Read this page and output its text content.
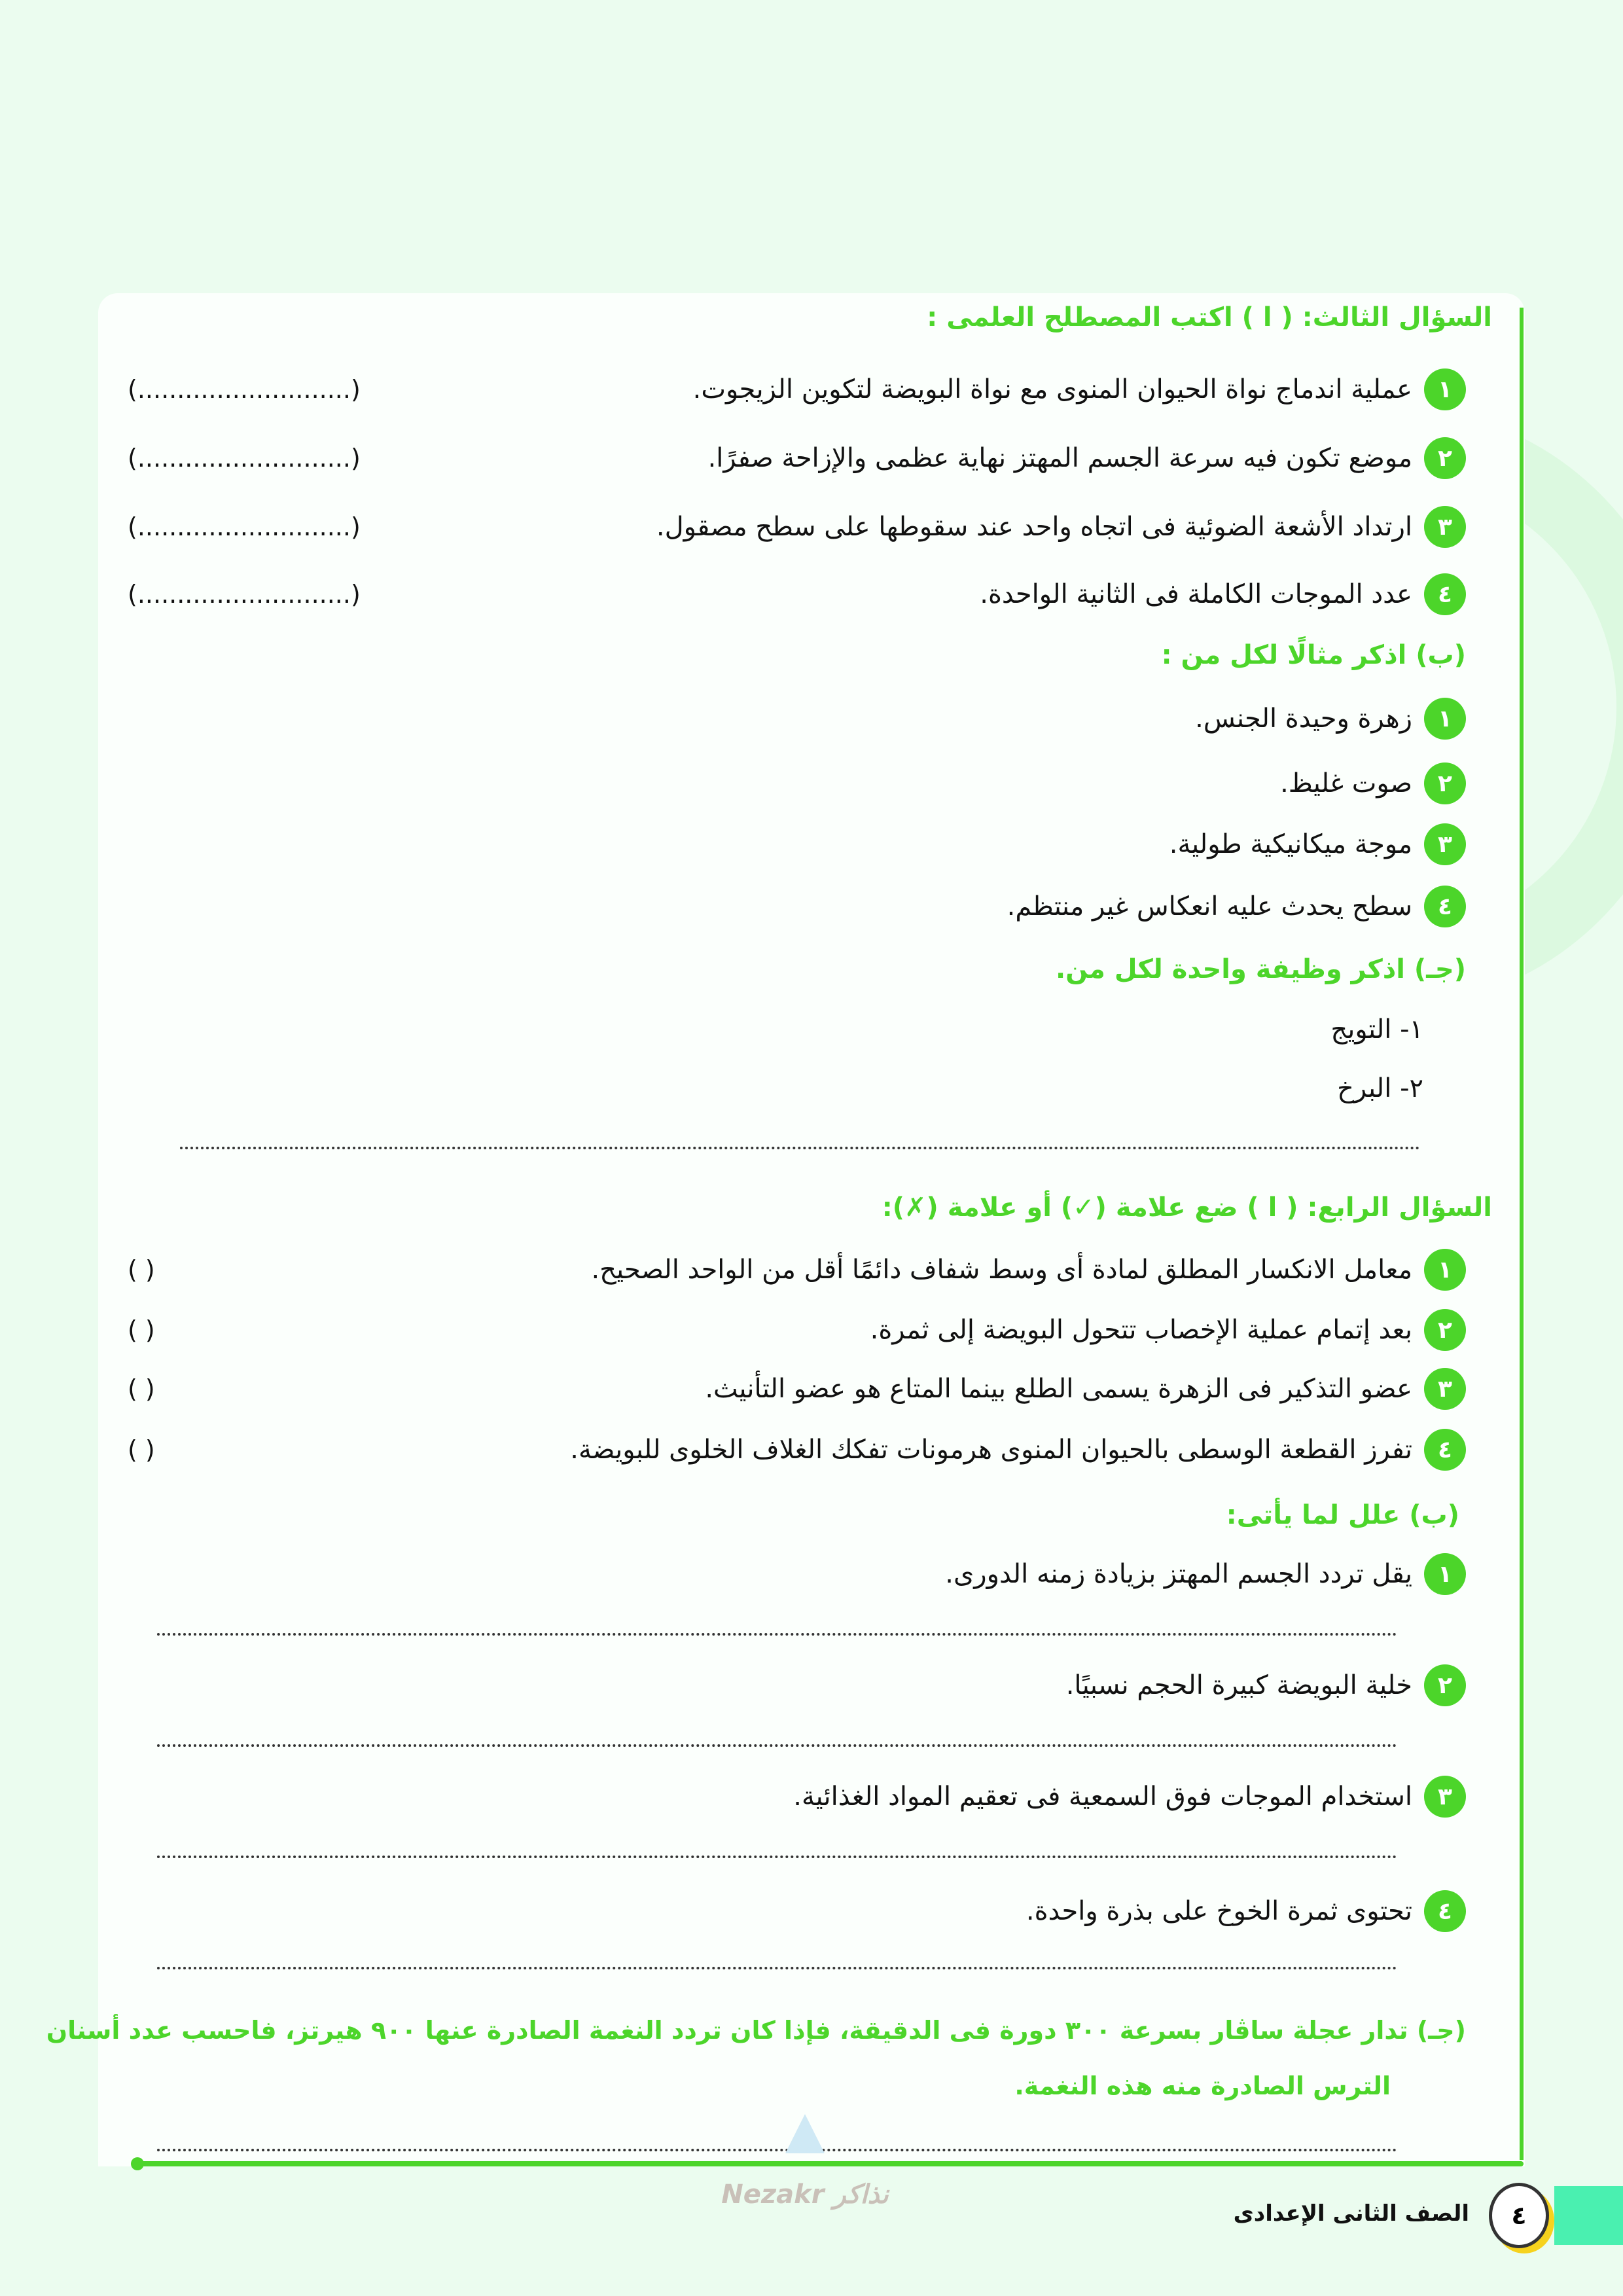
السؤال الثالث: ( ا ) اكتب المصطلح العلمى :
١
عملية اندماج نواة الحيوان المنوى مع نواة البويضة لتكوين الزيجوت.
(...........................)
٢
موضع تكون فيه سرعة الجسم المهتز نهاية عظمى والإزاحة صفرًا.
(...........................)
٣
ارتداد الأشعة الضوئية فى اتجاه واحد عند سقوطها على سطح مصقول.
(...........................)
٤
عدد الموجات الكاملة فى الثانية الواحدة.
(...........................)
(ب) اذكر مثالًا لكل من :
١
زهرة وحيدة الجنس.
٢
صوت غليظ.
٣
موجة ميكانيكية طولية.
٤
سطح يحدث عليه انعكاس غير منتظم.
(جـ) اذكر وظيفة واحدة لكل من.
١- التويج
٢- البرخ
السؤال الرابع: ( ا ) ضع علامة (✓) أو علامة (✗):
١
معامل الانكسار المطلق لمادة أى وسط شفاف دائمًا أقل من الواحد الصحيح.
( )
٢
بعد إتمام عملية الإخصاب تتحول البويضة إلى ثمرة.
( )
٣
عضو التذكير فى الزهرة يسمى الطلع بينما المتاع هو عضو التأنيث.
( )
٤
تفرز القطعة الوسطى بالحيوان المنوى هرمونات تفكك الغلاف الخلوى للبويضة.
( )
(ب) علل لما يأتى:
١
يقل تردد الجسم المهتز بزيادة زمنه الدورى.
٢
خلية البويضة كبيرة الحجم نسبيًا.
٣
استخدام الموجات فوق السمعية فى تعقيم المواد الغذائية.
٤
تحتوى ثمرة الخوخ على بذرة واحدة.
(جـ) تدار عجلة ساڤار بسرعة ٣٠٠ دورة فى الدقيقة، فإذا كان تردد النغمة الصادرة عنها ٩٠٠ هيرتز، فاحسب عدد أسنان
الترس الصادرة منه هذه النغمة.
Nezakr نذاكر
٤
الصف الثانى الإعدادى
